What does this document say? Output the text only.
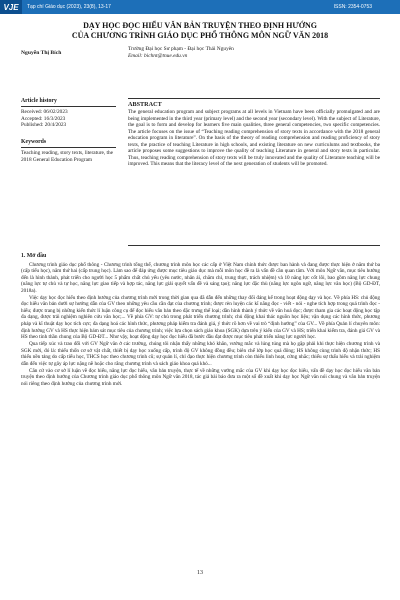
VJE	Tạp chí Giáo dục (2023), 23(8), 13-17	ISSN: 2354-0753
DẠY HỌC ĐỌC HIỂU VĂN BẢN TRUYỆN THEO ĐỊNH HƯỚNG
CỦA CHƯƠNG TRÌNH GIÁO DỤC PHỔ THÔNG MÔN NGỮ VĂN 2018
Nguyễn Thị Bích
Trường Đại học Sư phạm - Đại học Thái Nguyên
Email: bichnt@tnue.edu.vn
Article history
Received: 06/02/2023
Accepted: 16/3/2023
Published: 20/4/2023
Keywords
Teaching reading, story texts, literature, the 2018 General Education Program
ABSTRACT
The general education program and subject programs at all levels in Vietnam have been officially promulgated and are being implemented in the third year (primary level) and the second year (secondary level). With the subject of Literature, the goal is to form and develop for learners five main qualities, three general competencies, two specific competencies. The article focuses on the issue of “Teaching reading comprehension of story texts in accordance with the 2018 general education program in literature”. On the basis of the theory of reading comprehension and reading proficiency of story texts, the practice of teaching Literature in high schools, and existing literature on new curriculums and textbooks, the article proposes some suggestions to improve the quality of teaching Literature in general and story texts in particular. Thus, teaching reading comprehension of story texts will be truly innovated and the quality of Literature teaching will be improved. This means that the literacy level of the next generation of students will be promoted.
1. Mở đầu

Chương trình giáo dục phổ thông - Chương trình tổng thể, chương trình môn học các cấp ở Việt Nam chính thức được ban hành và đang được thực hiện ở năm thứ ba (cấp tiểu học), năm thứ hai (cấp trung học). Làm sao để đáp ứng được mục tiêu giáo dục mà mỗi môn học đề ra là vấn đề cần quan tâm. Với môn Ngữ văn, mục tiêu hướng đến là hình thành, phát triển cho người học 5 phẩm chất chủ yếu (yêu nước, nhân ái, chăm chỉ, trung thực, trách nhiệm) và 10 năng lực cốt lõi, bao gồm năng lực chung (năng lực tự chủ và tự học, năng lực giao tiếp và hợp tác, năng lực giải quyết vấn đề và sáng tạo); năng lực đặc thù (năng lực ngôn ngữ, năng lực văn học) (Bộ GD-ĐT, 2018a).

Việc dạy học đọc hiểu theo định hướng của chương trình mới trong thời gian qua đã dẫn đến những thay đổi đáng kể trong hoạt động dạy và học. Về phía HS: chủ động đọc hiểu văn bản dưới sự hướng dẫn của GV theo những yêu cầu cần đạt của chương trình; được rèn luyện các kĩ năng đọc - viết - nói - nghe tích hợp trong quá trình đọc - hiểu; được trang bị những kiến thức lí luận công cụ để đọc hiểu văn bản theo đặc trưng thể loại; dần hình thành ý thức về văn hoá đọc; được tham gia các hoạt động học tập đa dạng, được trải nghiệm nghiên cứu văn học;... Về phía GV: tự chủ trong phát triển chương trình; chủ động khai thác nguồn học liệu; vận dụng các hình thức, phương pháp và kĩ thuật dạy học tích cực; đa dạng hoá các hình thức, phương pháp kiểm tra đánh giá, ý thức rõ hơn về vai trò “định hướng” của GV... Về phía Quản lí chuyên môn: định hướng GV và HS thực hiện bám sát mục tiêu của chương trình; việc lựa chọn sách giáo khoa (SGK) dựa trên ý kiến của GV và HS; triển khai kiểm tra, đánh giá GV và HS theo tinh thần chung của Bộ GD-ĐT... Như vậy, hoạt động dạy học đọc hiểu đã bước đầu đạt được mục tiêu phát triển năng lực người học.

Qua tiếp xúc và trao đổi với GV Ngữ văn ở các trường, chúng tôi nhận thấy những khó khăn, vướng mắc và lúng túng mà họ gặp phải khi thực hiện chương trình và SGK mới, đó là: thiếu thốn cơ sở vật chất, thiết bị dạy học xuống cấp, trình độ GV không đồng đều; biên chế lớp học quá đông; HS không cùng trình độ nhận thức; HS thiếu nền tảng do cấp tiểu học, THCS học theo chương trình cũ; sự quản lí, chỉ đạo thực hiện chương trình còn thiếu linh hoạt, cứng nhắc; thiếu sự thấu hiểu và trải nghiệm dẫn đến việc tự gây áp lực nặng nề hoặc cho rằng chương trình và sách giáo khoa quá khó...

Căn cứ vào cơ sở lí luận về đọc hiểu, năng lực đọc hiểu, văn bản truyện, thực tế về những vướng mắc của GV khi dạy học đọc hiểu, vấn đề dạy học đọc hiểu văn bản truyện theo định hướng của Chương trình giáo dục phổ thông môn Ngữ văn 2018, tác giả bài báo đưa ra một số đề xuất khi dạy học Ngữ văn nói chung và văn bản truyện nói riêng theo định hướng của chương trình mới.

13
